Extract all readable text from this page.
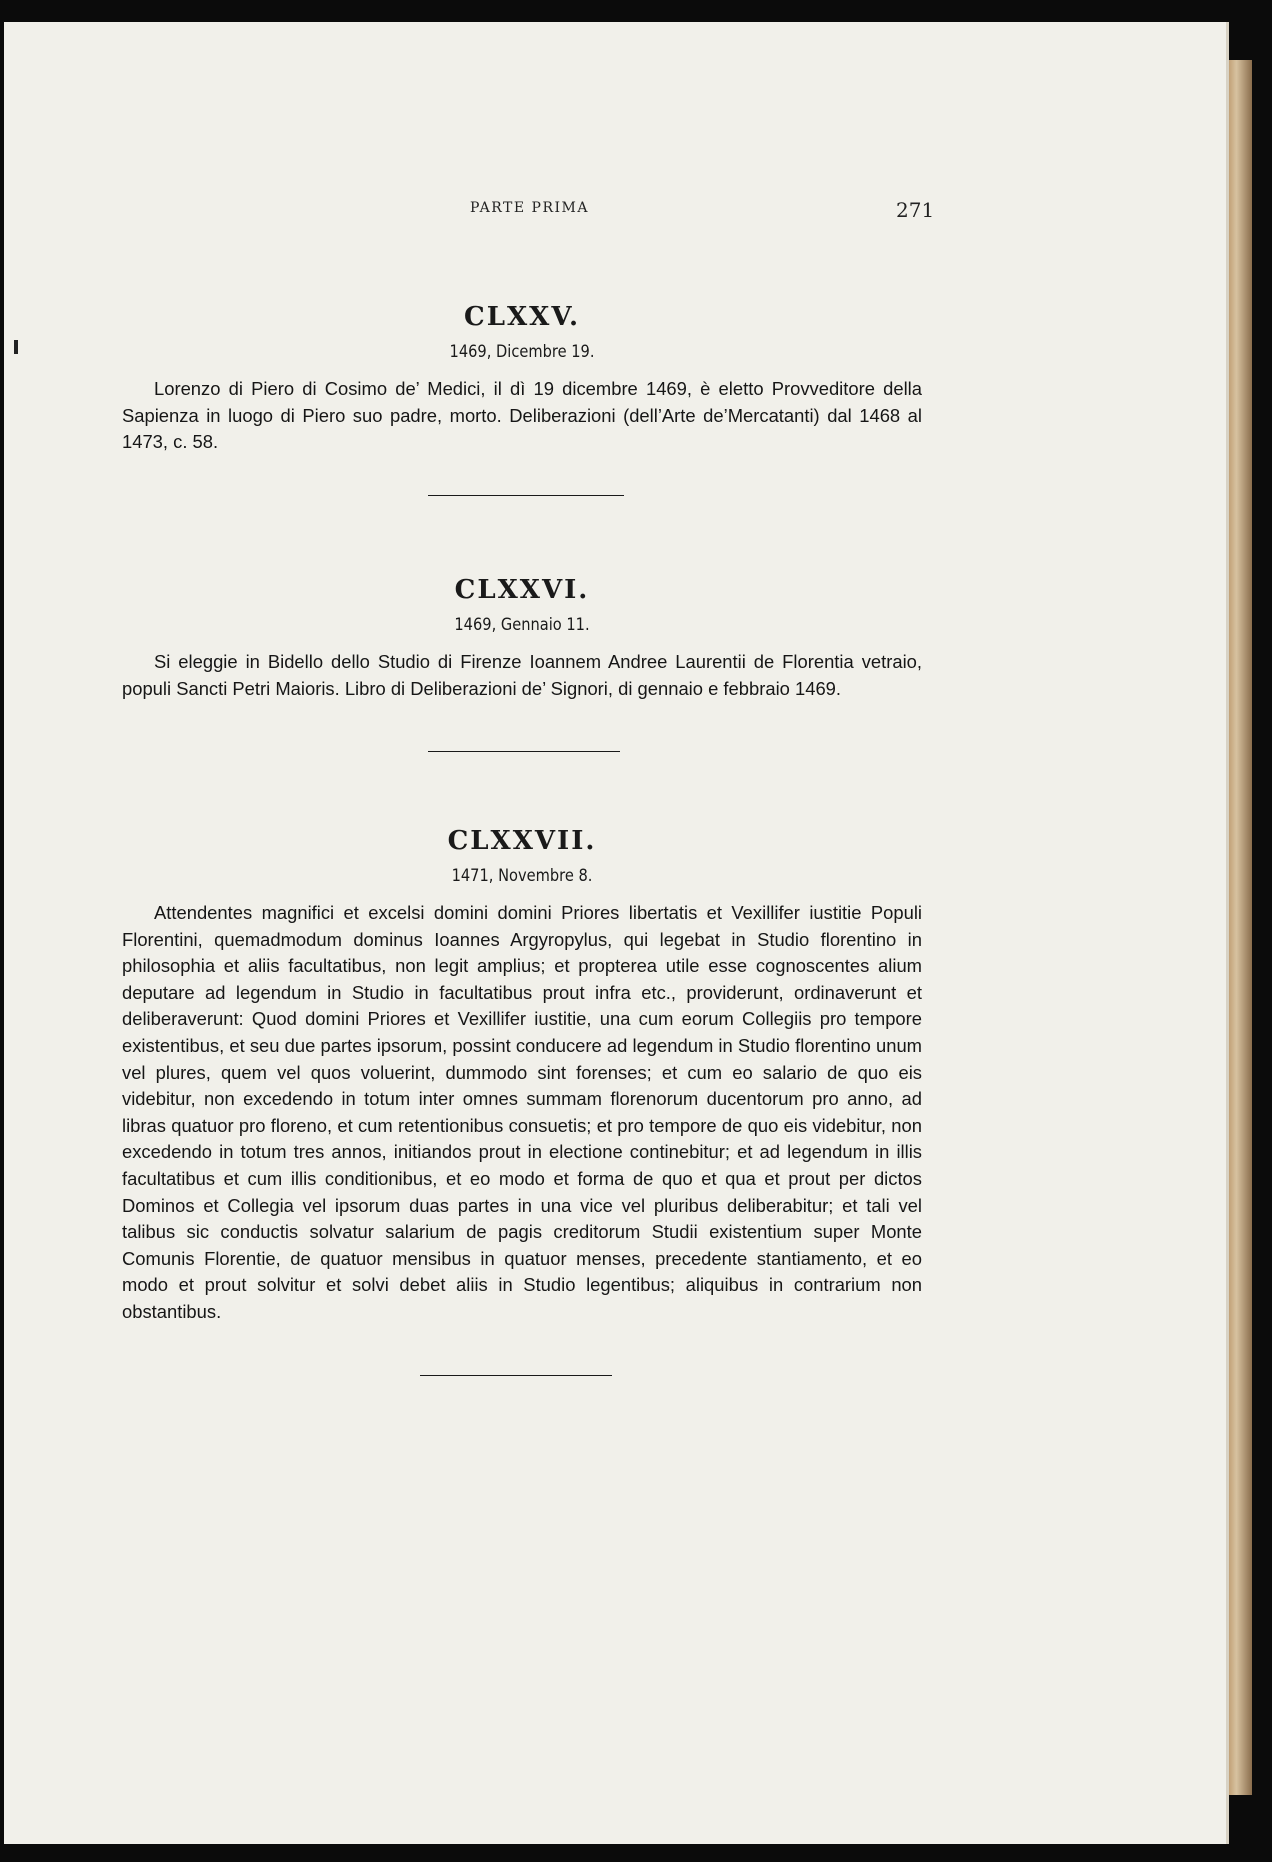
PARTE PRIMA	271
CLXXV.

1469, Dicembre 19.

Lorenzo di Piero di Cosimo de’ Medici, il dì 19 dicembre 1469, è eletto Provveditore della Sapienza in luogo di Piero suo padre, morto. Deliberazioni (dell’Arte de’Mercatanti) dal 1468 al 1473, c. 58.

CLXXVI.

1469, Gennaio 11.

Si eleggie in Bidello dello Studio di Firenze Ioannem Andree Laurentii de Florentia vetraio, populi Sancti Petri Maioris. Libro di Deliberazioni de’ Signori, di gennaio e febbraio 1469.

CLXXVII.

1471, Novembre 8.

Attendentes magnifici et excelsi domini domini Priores libertatis et Vexillifer iustitie Populi Florentini, quemadmodum dominus Ioannes Argyropylus, qui legebat in Studio florentino in philosophia et aliis facultatibus, non legit amplius; et propterea utile esse cognoscentes alium deputare ad legendum in Studio in facultatibus prout infra etc., providerunt, ordinaverunt et deliberaverunt: Quod domini Priores et Vexillifer iustitie, una cum eorum Collegiis pro tempore existentibus, et seu due partes ipsorum, possint conducere ad legendum in Studio florentino unum vel plures, quem vel quos voluerint, dummodo sint forenses; et cum eo salario de quo eis videbitur, non excedendo in totum inter omnes summam florenorum ducentorum pro anno, ad libras quatuor pro floreno, et cum retentionibus consuetis; et pro tempore de quo eis videbitur, non excedendo in totum tres annos, initiandos prout in electione continebitur; et ad legendum in illis facultatibus et cum illis conditionibus, et eo modo et forma de quo et qua et prout per dictos Dominos et Collegia vel ipsorum duas partes in una vice vel pluribus deliberabitur; et tali vel talibus sic conductis solvatur salarium de pagis creditorum Studii existentium super Monte Comunis Florentie, de quatuor mensibus in quatuor menses, precedente stantiamento, et eo modo et prout solvitur et solvi debet aliis in Studio legentibus; aliquibus in contrarium non obstantibus.
